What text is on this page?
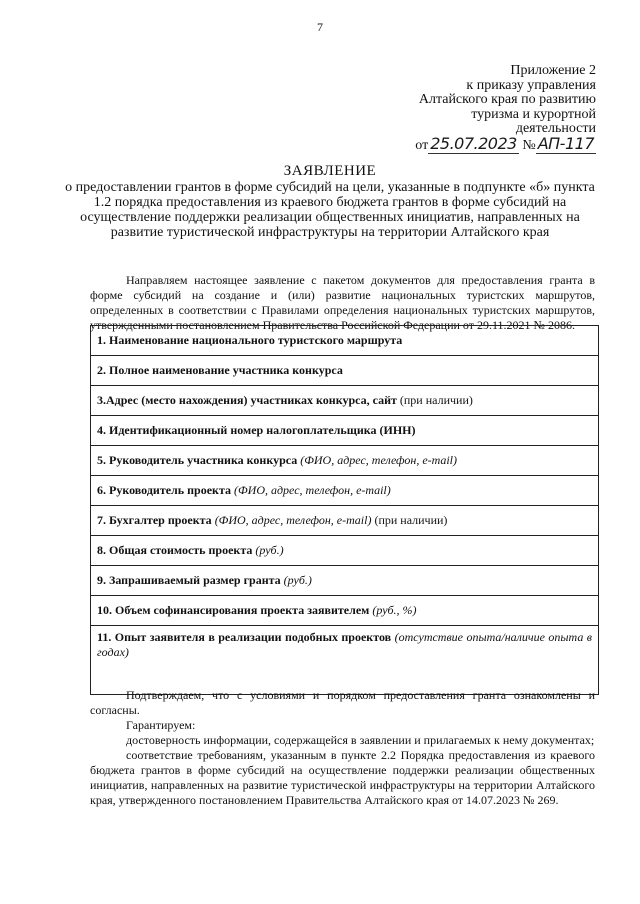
7
Приложение 2
к приказу управления
Алтайского края по развитию
туризма и курортной
деятельности
от 25.07.2023 № АП-117
ЗАЯВЛЕНИЕ
о предоставлении грантов в форме субсидий на цели, указанные в подпункте «б» пункта 1.2 порядка предоставления из краевого бюджета грантов в форме субсидий на осуществление поддержки реализации общественных инициатив, направленных на развитие туристической инфраструктуры на территории Алтайского края
Направляем настоящее заявление с пакетом документов для предоставления гранта в форме субсидий на создание и (или) развитие национальных туристских маршрутов, определенных в соответствии с Правилами определения национальных туристских маршрутов, утвержденными постановлением Правительства Российской Федерации от 29.11.2021 № 2086.
1. Наименование национального туристского маршрута
2. Полное наименование участника конкурса
3.Адрес (место нахождения) участниках конкурса, сайт (при наличии)
4. Идентификационный номер налогоплательщика (ИНН)
5. Руководитель участника конкурса (ФИО, адрес, телефон, e-mail)
6. Руководитель проекта (ФИО, адрес, телефон, e-mail)
7. Бухгалтер проекта (ФИО, адрес, телефон, e-mail) (при наличии)
8. Общая стоимость проекта (руб.)
9. Запрашиваемый размер гранта (руб.)
10. Объем софинансирования проекта заявителем (руб., %)
11. Опыт заявителя в реализации подобных проектов (отсутствие опыта/наличие опыта в годах)

Подтверждаем, что с условиями и порядком предоставления гранта ознакомлены и согласны.

Гарантируем:

достоверность информации, содержащейся в заявлении и прилагаемых к нему документах;

соответствие требованиям, указанным в пункте 2.2 Порядка предоставления из краевого бюджета грантов в форме субсидий на осуществление поддержки реализации общественных инициатив, направленных на развитие туристической инфраструктуры на территории Алтайского края, утвержденного постановлением Правительства Алтайского края от 14.07.2023 № 269.
